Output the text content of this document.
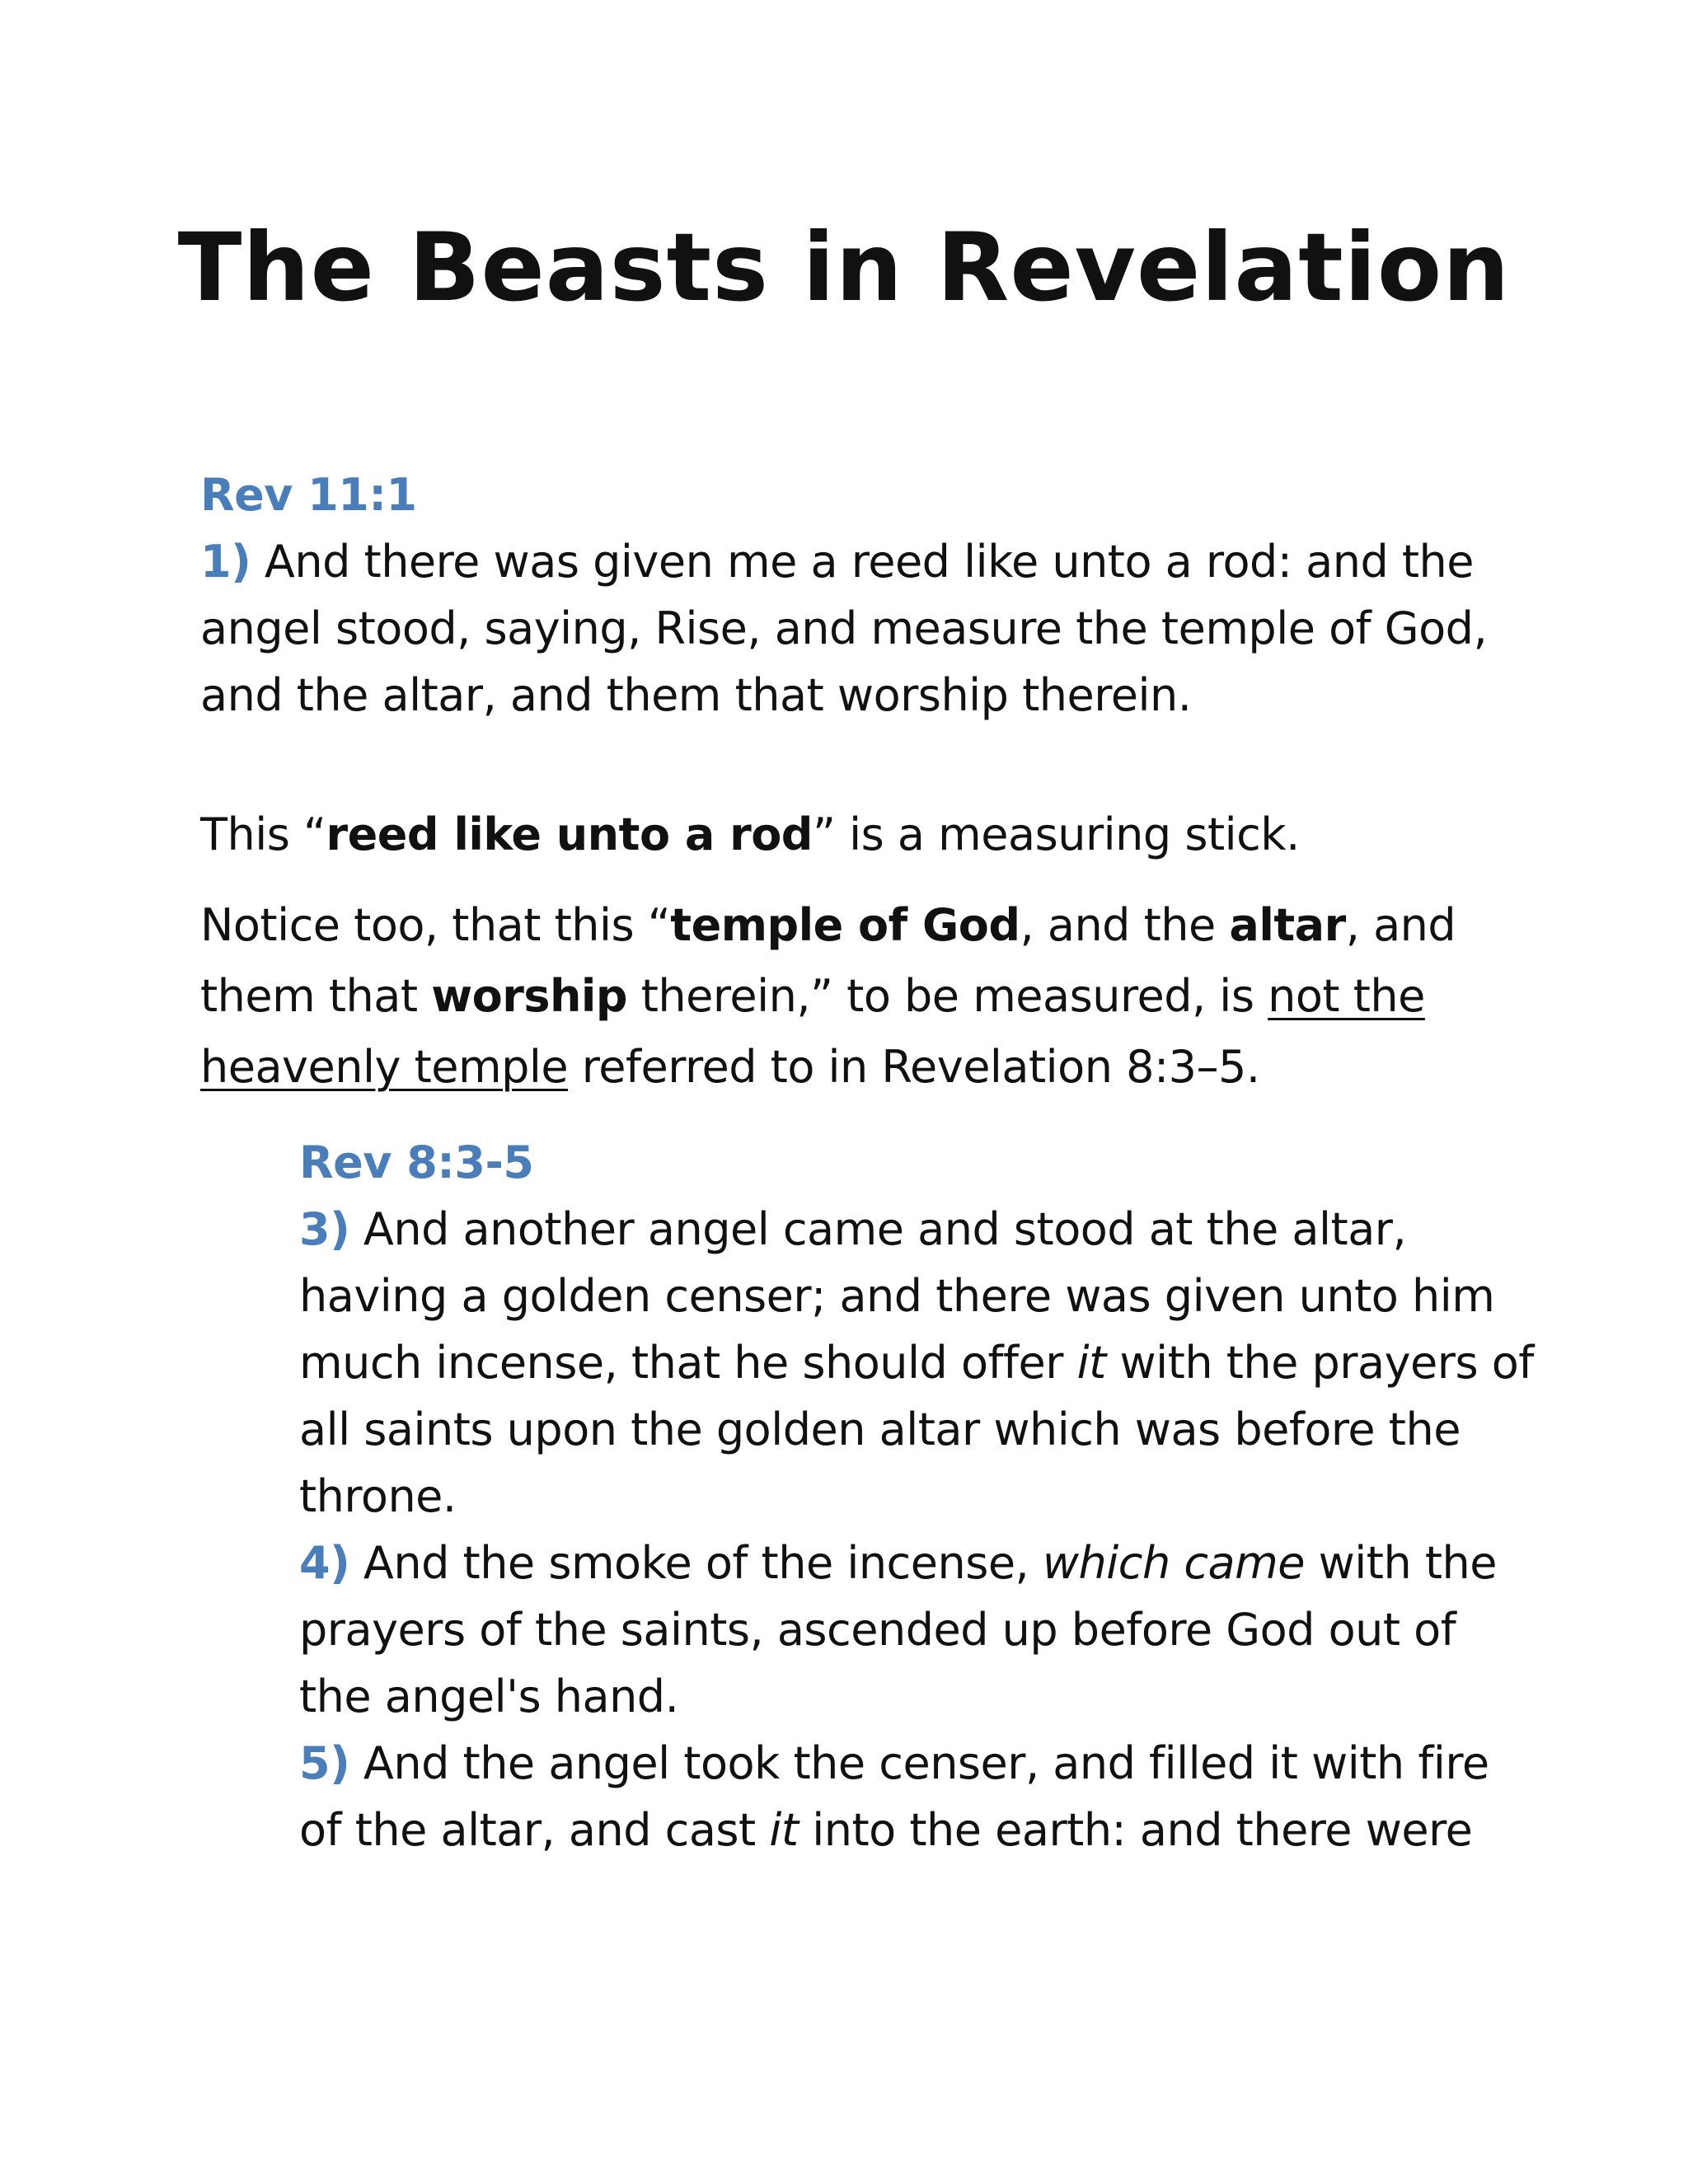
The Beasts in Revelation

Rev 11:1
1) And there was given me a reed like unto a rod: and the angel stood, saying, Rise, and measure the temple of God, and the altar, and them that worship therein.

This “reed like unto a rod” is a measuring stick.

Notice too, that this “temple of God, and the altar, and them that worship therein,” to be measured, is not the heavenly temple referred to in Revelation 8:3–5.

Rev 8:3-5
3) And another angel came and stood at the altar, having a golden censer; and there was given unto him much incense, that he should offer it with the prayers of all saints upon the golden altar which was before the throne.
4) And the smoke of the incense, which came with the prayers of the saints, ascended up before God out of the angel's hand.
5) And the angel took the censer, and filled it with fire of the altar, and cast it into the earth: and there were
